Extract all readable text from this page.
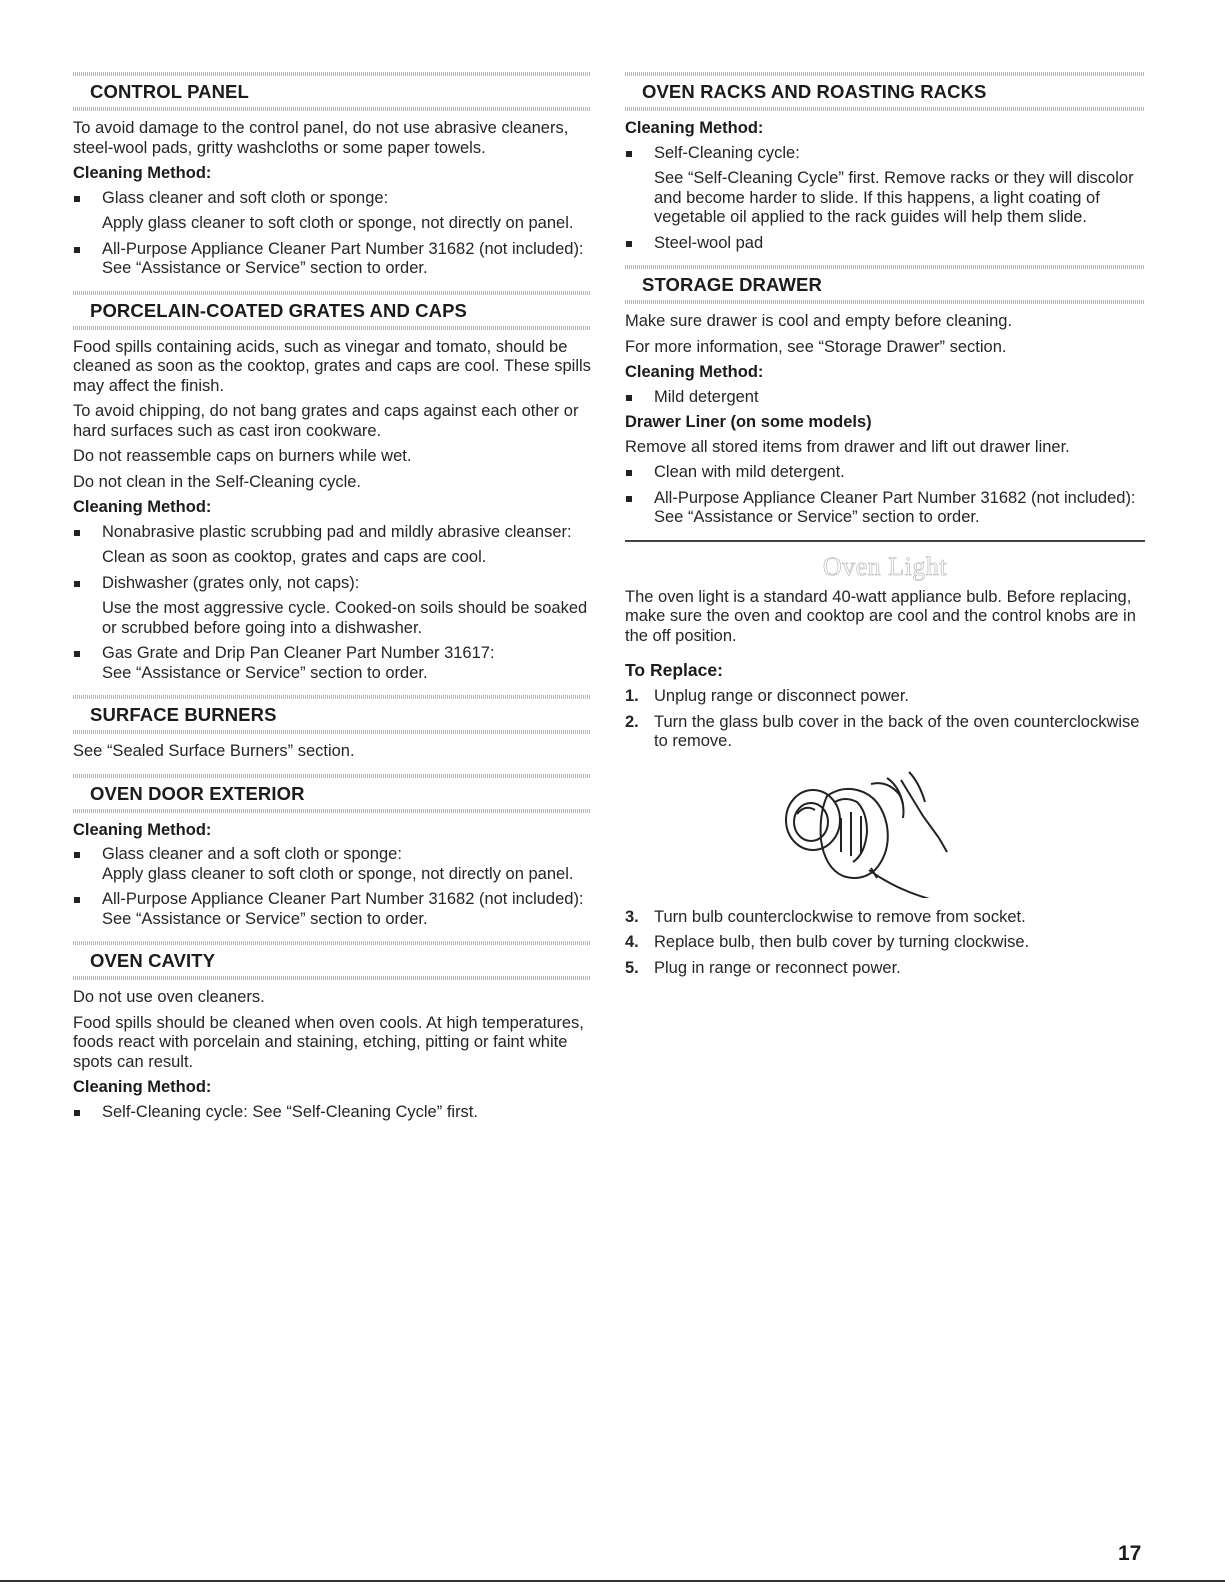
CONTROL PANEL

To avoid damage to the control panel, do not use abrasive cleaners, steel-wool pads, gritty washcloths or some paper towels.

Cleaning Method:

Glass cleaner and soft cloth or sponge:
Apply glass cleaner to soft cloth or sponge, not directly on panel.
All-Purpose Appliance Cleaner Part Number 31682 (not included):
See “Assistance or Service” section to order.
PORCELAIN-COATED GRATES AND CAPS

Food spills containing acids, such as vinegar and tomato, should be cleaned as soon as the cooktop, grates and caps are cool. These spills may affect the finish.

To avoid chipping, do not bang grates and caps against each other or hard surfaces such as cast iron cookware.

Do not reassemble caps on burners while wet.

Do not clean in the Self-Cleaning cycle.

Cleaning Method:

Nonabrasive plastic scrubbing pad and mildly abrasive cleanser:
Clean as soon as cooktop, grates and caps are cool.
Dishwasher (grates only, not caps):
Use the most aggressive cycle. Cooked-on soils should be soaked or scrubbed before going into a dishwasher.
Gas Grate and Drip Pan Cleaner Part Number 31617:
See “Assistance or Service” section to order.
SURFACE BURNERS

See “Sealed Surface Burners” section.

OVEN DOOR EXTERIOR

Cleaning Method:

Glass cleaner and a soft cloth or sponge:
Apply glass cleaner to soft cloth or sponge, not directly on panel.
All-Purpose Appliance Cleaner Part Number 31682 (not included):
See “Assistance or Service” section to order.
OVEN CAVITY

Do not use oven cleaners.

Food spills should be cleaned when oven cools. At high temperatures, foods react with porcelain and staining, etching, pitting or faint white spots can result.

Cleaning Method:

Self-Cleaning cycle: See “Self-Cleaning Cycle” first.
OVEN RACKS AND ROASTING RACKS

Cleaning Method:

Self-Cleaning cycle:
See “Self-Cleaning Cycle” first. Remove racks or they will discolor and become harder to slide. If this happens, a light coating of vegetable oil applied to the rack guides will help them slide.
Steel-wool pad
STORAGE DRAWER

Make sure drawer is cool and empty before cleaning.

For more information, see “Storage Drawer” section.

Cleaning Method:

Mild detergent

Drawer Liner (on some models)

Remove all stored items from drawer and lift out drawer liner.

Clean with mild detergent.
All-Purpose Appliance Cleaner Part Number 31682 (not included):
See “Assistance or Service” section to order.
Oven Light

The oven light is a standard 40-watt appliance bulb. Before replacing, make sure the oven and cooktop are cool and the control knobs are in the off position.

To Replace:
1. Unplug range or disconnect power.
2. Turn the glass bulb cover in the back of the oven counterclockwise to remove.
3. Turn bulb counterclockwise to remove from socket.
4. Replace bulb, then bulb cover by turning clockwise.
5. Plug in range or reconnect power.
17
